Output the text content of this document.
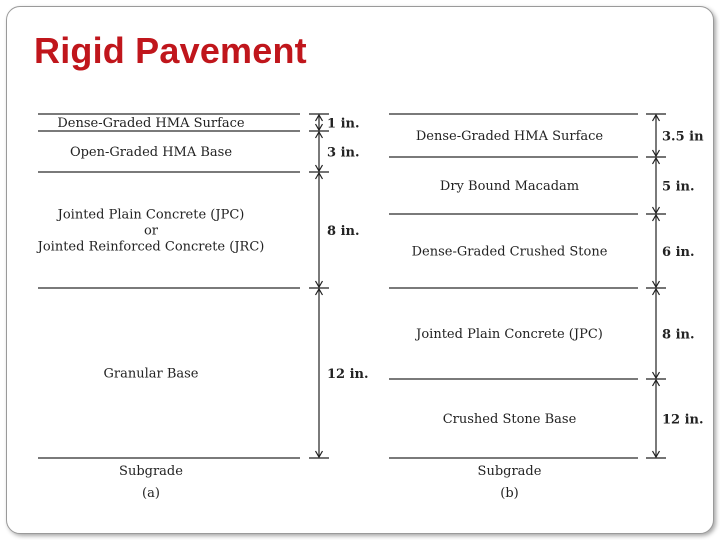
Rigid Pavement
Dense-Graded HMA Surface	1 in.
Open-Graded HMA Base	3 in.
Jointed Plain Concrete (JPC)
or
Jointed Reinforced Concrete (JRC)
8 in.
Granular Base	12 in.
Subgrade
(a)
Dense-Graded HMA Surface	3.5 in
Dry Bound Macadam	5 in.
Dense-Graded Crushed Stone	6 in.
Jointed Plain Concrete (JPC)	8 in.
Crushed Stone Base	12 in.
Subgrade
(b)
